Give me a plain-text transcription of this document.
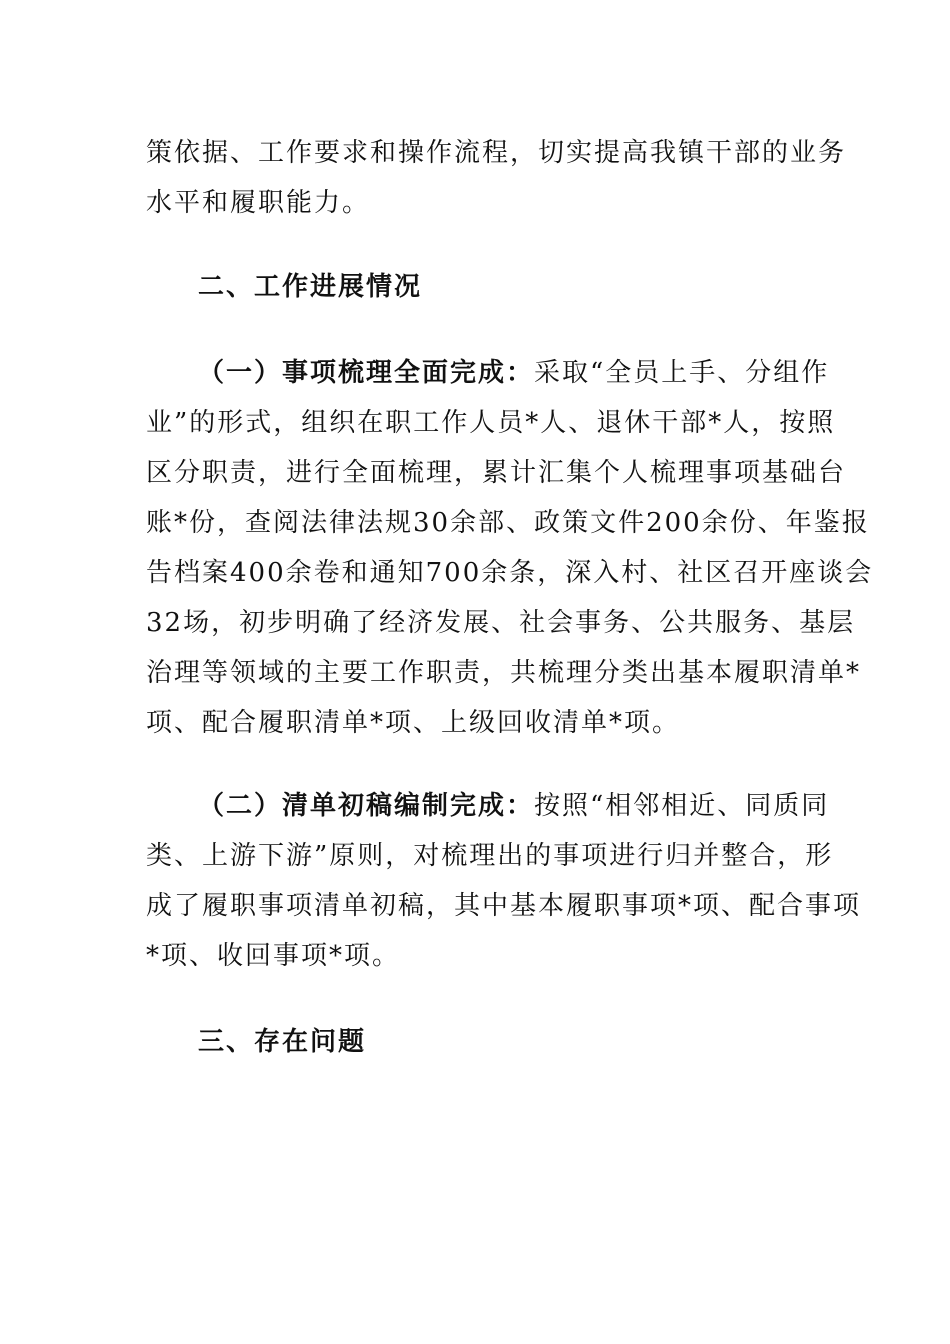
策依据、工作要求和操作流程，切实提高我镇干部的业务
水平和履职能力。
二、工作进展情况
（一）事项梳理全面完成：采取“全员上手、分组作
业”的形式，组织在职工作人员*人、退休干部*人，按照
区分职责，进行全面梳理，累计汇集个人梳理事项基础台
账*份，查阅法律法规30余部、政策文件200余份、年鉴报
告档案400余卷和通知700余条，深入村、社区召开座谈会
32场，初步明确了经济发展、社会事务、公共服务、基层
治理等领域的主要工作职责，共梳理分类出基本履职清单*
项、配合履职清单*项、上级回收清单*项。
（二）清单初稿编制完成：按照“相邻相近、同质同
类、上游下游”原则，对梳理出的事项进行归并整合，形
成了履职事项清单初稿，其中基本履职事项*项、配合事项
*项、收回事项*项。
三、存在问题
